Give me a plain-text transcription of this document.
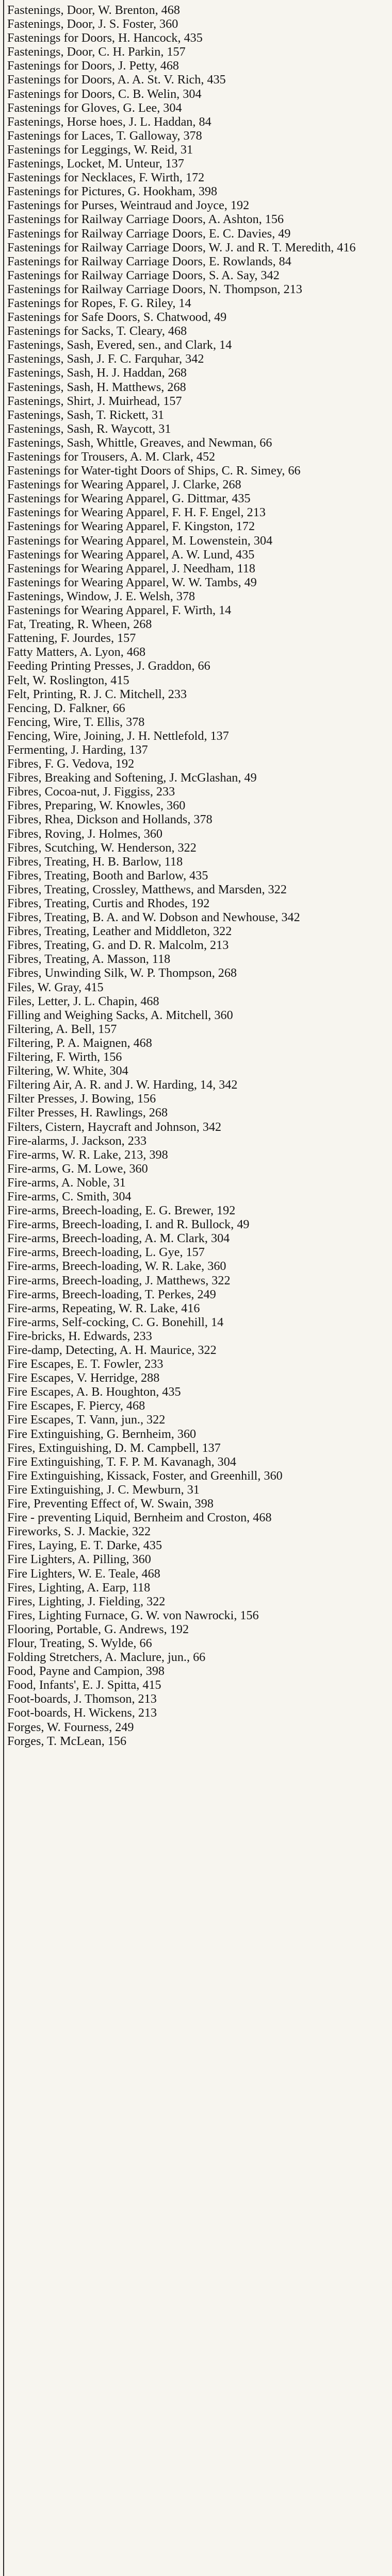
Fastenings, Door, W. Brenton, 468

Fastenings, Door, J. S. Foster, 360

Fastenings for Doors, H. Hancock, 435

Fastenings, Door, C. H. Parkin, 157

Fastenings for Doors, J. Petty, 468

Fastenings for Doors, A. A. St. V. Rich, 435

Fastenings for Doors, C. B. Welin, 304

Fastenings for Gloves, G. Lee, 304

Fastenings, Horse hoes, J. L. Haddan, 84

Fastenings for Laces, T. Galloway, 378

Fastenings for Leggings, W. Reid, 31

Fastenings, Locket, M. Unteur, 137

Fastenings for Necklaces, F. Wirth, 172

Fastenings for Pictures, G. Hookham, 398

Fastenings for Purses, Weintraud and Joyce, 192

Fastenings for Railway Carriage Doors, A. Ashton, 156

Fastenings for Railway Carriage Doors, E. C. Davies, 49

Fastenings for Railway Carriage Doors, W. J. and R. T. Meredith, 416

Fastenings for Railway Carriage Doors, E. Rowlands, 84

Fastenings for Railway Carriage Doors, S. A. Say, 342

Fastenings for Railway Carriage Doors, N. Thompson, 213

Fastenings for Ropes, F. G. Riley, 14

Fastenings for Safe Doors, S. Chatwood, 49

Fastenings for Sacks, T. Cleary, 468

Fastenings, Sash, Evered, sen., and Clark, 14

Fastenings, Sash, J. F. C. Farquhar, 342

Fastenings, Sash, H. J. Haddan, 268

Fastenings, Sash, H. Matthews, 268

Fastenings, Shirt, J. Muirhead, 157

Fastenings, Sash, T. Rickett, 31

Fastenings, Sash, R. Waycott, 31

Fastenings, Sash, Whittle, Greaves, and Newman, 66

Fastenings for Trousers, A. M. Clark, 452

Fastenings for Water-tight Doors of Ships, C. R. Simey, 66

Fastenings for Wearing Apparel, J. Clarke, 268

Fastenings for Wearing Apparel, G. Dittmar, 435

Fastenings for Wearing Apparel, F. H. F. Engel, 213

Fastenings for Wearing Apparel, F. Kingston, 172

Fastenings for Wearing Apparel, M. Lowenstein, 304

Fastenings for Wearing Apparel, A. W. Lund, 435

Fastenings for Wearing Apparel, J. Needham, 118

Fastenings for Wearing Apparel, W. W. Tambs, 49

Fastenings, Window, J. E. Welsh, 378

Fastenings for Wearing Apparel, F. Wirth, 14

Fat, Treating, R. Wheen, 268

Fattening, F. Jourdes, 157

Fatty Matters, A. Lyon, 468

Feeding Printing Presses, J. Graddon, 66

Felt, W. Roslington, 415

Felt, Printing, R. J. C. Mitchell, 233

Fencing, D. Falkner, 66

Fencing, Wire, T. Ellis, 378

Fencing, Wire, Joining, J. H. Nettlefold, 137

Fermenting, J. Harding, 137

Fibres, F. G. Vedova, 192

Fibres, Breaking and Softening, J. McGlashan, 49

Fibres, Cocoa-nut, J. Figgiss, 233

Fibres, Preparing, W. Knowles, 360

Fibres, Rhea, Dickson and Hollands, 378

Fibres, Roving, J. Holmes, 360

Fibres, Scutching, W. Henderson, 322

Fibres, Treating, H. B. Barlow, 118

Fibres, Treating, Booth and Barlow, 435

Fibres, Treating, Crossley, Matthews, and Marsden, 322

Fibres, Treating, Curtis and Rhodes, 192

Fibres, Treating, B. A. and W. Dobson and Newhouse, 342

Fibres, Treating, Leather and Middleton, 322

Fibres, Treating, G. and D. R. Malcolm, 213

Fibres, Treating, A. Masson, 118

Fibres, Unwinding Silk, W. P. Thompson, 268

Files, W. Gray, 415

Files, Letter, J. L. Chapin, 468

Filling and Weighing Sacks, A. Mitchell, 360

Filtering, A. Bell, 157

Filtering, P. A. Maignen, 468

Filtering, F. Wirth, 156

Filtering, W. White, 304

Filtering Air, A. R. and J. W. Harding, 14, 342

Filter Presses, J. Bowing, 156

Filter Presses, H. Rawlings, 268

Filters, Cistern, Haycraft and Johnson, 342

Fire-alarms, J. Jackson, 233

Fire-arms, W. R. Lake, 213, 398

Fire-arms, G. M. Lowe, 360

Fire-arms, A. Noble, 31

Fire-arms, C. Smith, 304

Fire-arms, Breech-loading, E. G. Brewer, 192

Fire-arms, Breech-loading, I. and R. Bullock, 49

Fire-arms, Breech-loading, A. M. Clark, 304

Fire-arms, Breech-loading, L. Gye, 157

Fire-arms, Breech-loading, W. R. Lake, 360

Fire-arms, Breech-loading, J. Matthews, 322

Fire-arms, Breech-loading, T. Perkes, 249

Fire-arms, Repeating, W. R. Lake, 416

Fire-arms, Self-cocking, C. G. Bonehill, 14

Fire-bricks, H. Edwards, 233

Fire-damp, Detecting, A. H. Maurice, 322

Fire Escapes, E. T. Fowler, 233

Fire Escapes, V. Herridge, 288

Fire Escapes, A. B. Houghton, 435

Fire Escapes, F. Piercy, 468

Fire Escapes, T. Vann, jun., 322

Fire Extinguishing, G. Bernheim, 360

Fires, Extinguishing, D. M. Campbell, 137

Fire Extinguishing, T. F. P. M. Kavanagh, 304

Fire Extinguishing, Kissack, Foster, and Greenhill, 360

Fire Extinguishing, J. C. Mewburn, 31

Fire, Preventing Effect of, W. Swain, 398

Fire - preventing Liquid, Bernheim and Croston, 468

Fireworks, S. J. Mackie, 322

Fires, Laying, E. T. Darke, 435

Fire Lighters, A. Pilling, 360

Fire Lighters, W. E. Teale, 468

Fires, Lighting, A. Earp, 118

Fires, Lighting, J. Fielding, 322

Fires, Lighting Furnace, G. W. von Nawrocki, 156

Flooring, Portable, G. Andrews, 192

Flour, Treating, S. Wylde, 66

Folding Stretchers, A. Maclure, jun., 66

Food, Payne and Campion, 398

Food, Infants', E. J. Spitta, 415

Foot-boards, J. Thomson, 213

Foot-boards, H. Wickens, 213

Forges, W. Fourness, 249

Forges, T. McLean, 156
